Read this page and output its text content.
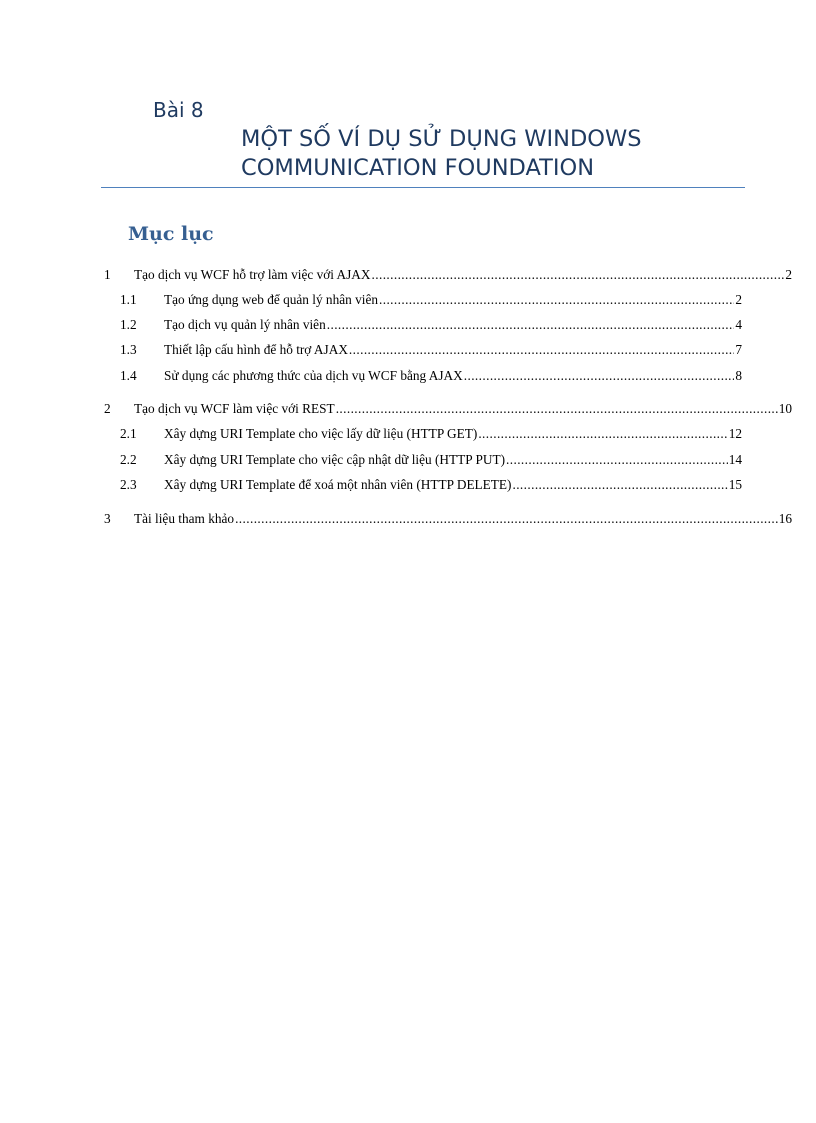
Bài 8
MỘT SỐ VÍ DỤ SỬ DỤNG WINDOWS
COMMUNICATION FOUNDATION
Mục lục
1	Tạo dịch vụ WCF hỗ trợ làm việc với AJAX .....	2
1.1	Tạo ứng dụng web để quản lý nhân viên .....	2
1.2	Tạo dịch vụ quản lý nhân viên .....	4
1.3	Thiết lập cấu hình để hỗ trợ AJAX .....	7
1.4	Sử dụng các phương thức của dịch vụ WCF bằng AJAX .....	8
2	Tạo dịch vụ WCF làm việc với REST .....	10
2.1	Xây dựng URI Template cho việc lấy dữ liệu (HTTP GET) .....	12
2.2	Xây dựng URI Template cho việc cập nhật dữ liệu (HTTP PUT) .....	14
2.3	Xây dựng URI Template để xoá một nhân viên (HTTP DELETE) .....	15
3	Tài liệu tham khảo .....	16
